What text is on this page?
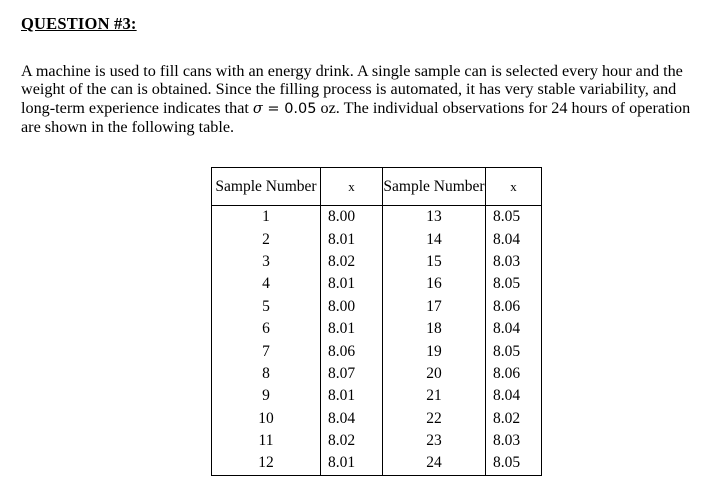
QUESTION #3:
A machine is used to fill cans with an energy drink. A single sample can is selected every hour and the weight of the can is obtained. Since the filling process is automated, it has very stable variability, and long-term experience indicates that σ = 0.05 oz. The individual observations for 24 hours of operation are shown in the following table.
Sample Number	x	Sample Number	x
1	8.00	13	8.05
2	8.01	14	8.04
3	8.02	15	8.03
4	8.01	16	8.05
5	8.00	17	8.06
6	8.01	18	8.04
7	8.06	19	8.05
8	8.07	20	8.06
9	8.01	21	8.04
10	8.04	22	8.02
11	8.02	23	8.03
12	8.01	24	8.05
